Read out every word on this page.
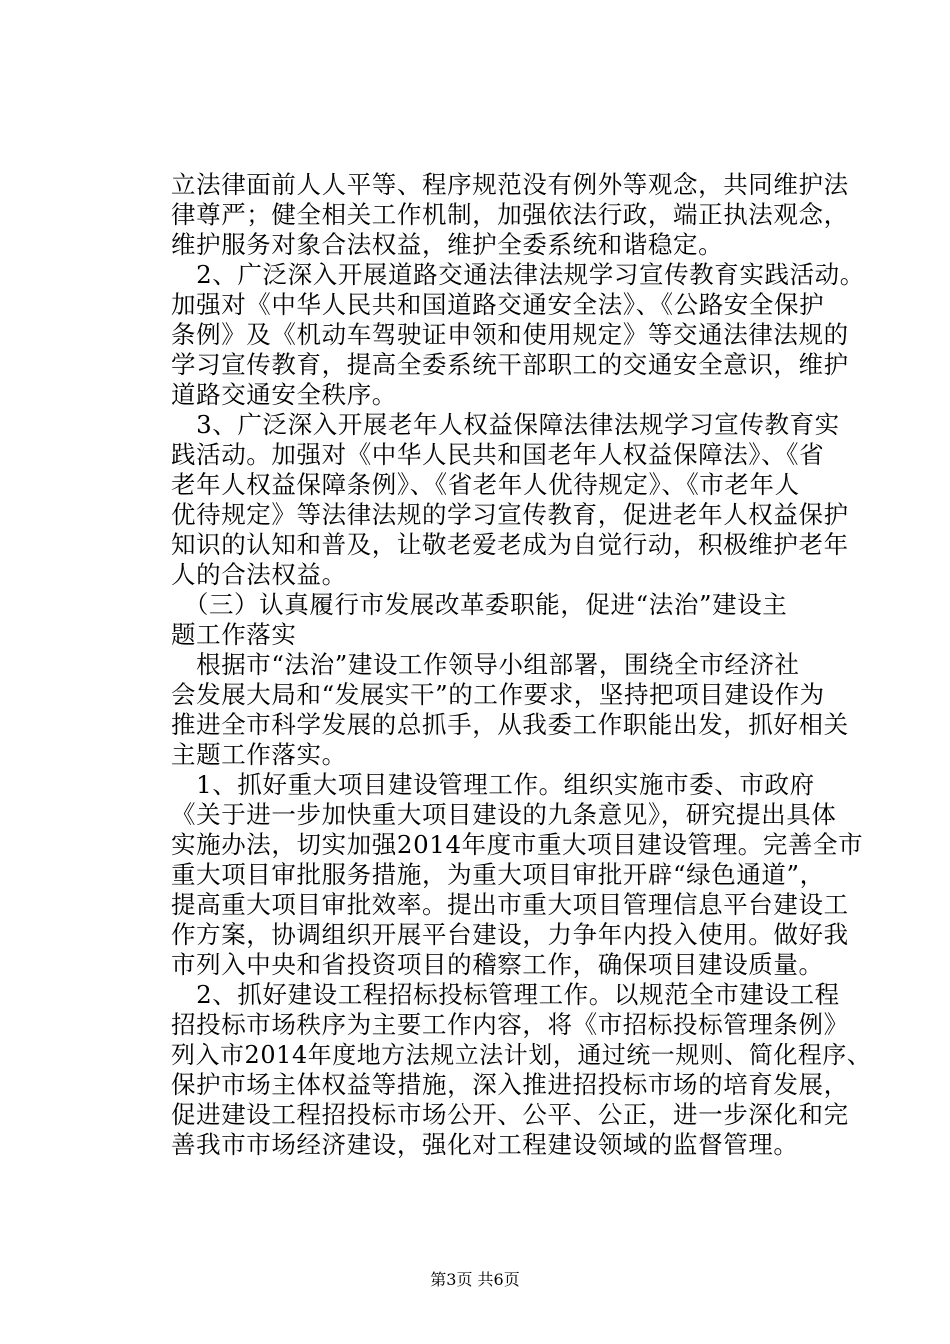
立法律面前人人平等、程序规范没有例外等观念，共同维护法
律尊严；健全相关工作机制，加强依法行政，端正执法观念，
维护服务对象合法权益，维护全委系统和谐稳定。
　2、广泛深入开展道路交通法律法规学习宣传教育实践活动。
加强对《中华人民共和国道路交通安全法》、《公路安全保护
条例》及《机动车驾驶证申领和使用规定》等交通法律法规的
学习宣传教育，提高全委系统干部职工的交通安全意识，维护
道路交通安全秩序。
　3、广泛深入开展老年人权益保障法律法规学习宣传教育实
践活动。加强对《中华人民共和国老年人权益保障法》、《省
老年人权益保障条例》、《省老年人优待规定》、《市老年人
优待规定》等法律法规的学习宣传教育，促进老年人权益保护
知识的认知和普及，让敬老爱老成为自觉行动，积极维护老年
人的合法权益。
　（三）认真履行市发展改革委职能，促进“法治”建设主
题工作落实
　根据市“法治”建设工作领导小组部署，围绕全市经济社
会发展大局和“发展实干”的工作要求，坚持把项目建设作为
推进全市科学发展的总抓手，从我委工作职能出发，抓好相关
主题工作落实。
　1、抓好重大项目建设管理工作。组织实施市委、市政府
《关于进一步加快重大项目建设的九条意见》，研究提出具体
实施办法，切实加强2014年度市重大项目建设管理。完善全市
重大项目审批服务措施，为重大项目审批开辟“绿色通道”，
提高重大项目审批效率。提出市重大项目管理信息平台建设工
作方案，协调组织开展平台建设，力争年内投入使用。做好我
市列入中央和省投资项目的稽察工作，确保项目建设质量。
　2、抓好建设工程招标投标管理工作。以规范全市建设工程
招投标市场秩序为主要工作内容，将《市招标投标管理条例》
列入市2014年度地方法规立法计划，通过统一规则、简化程序、
保护市场主体权益等措施，深入推进招投标市场的培育发展，
促进建设工程招投标市场公开、公平、公正，进一步深化和完
善我市市场经济建设，强化对工程建设领域的监督管理。
第3页 共6页
